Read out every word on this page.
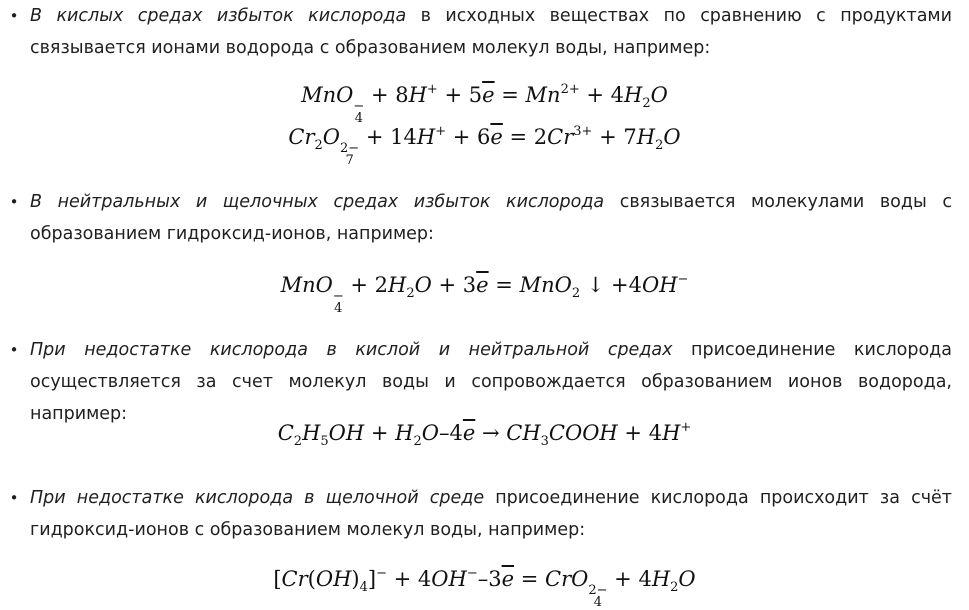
• В кислых средах избыток кислорода в исходных веществах по сравнению с продуктами связывается ионами водорода с образованием молекул воды, например:
MnO −
4
+ $8H^+ + 5\overline{e} = Mn^{2+} + 4H_2O$
$Cr_2O$ 2−
7
+ $14H^+ + 6\overline{e} = 2Cr^{3+} + 7H_2O$
• В нейтральных и щелочных средах избыток кислорода связывается молекулами воды с образованием гидроксид-ионов, например:
MnO −
4
+ $2H_2O + 3\overline{e} = MnO_2$ ↓ +4OH−
• При недостатке кислорода в кислой и нейтральной средах присоединение кислорода осуществляется за счет молекул воды и сопровождается образованием ионов водорода, например:
$C_2H_5OH + H_2O-4\overline{e}$ → $CH_3COOH + 4H^+$
• При недостатке кислорода в щелочной среде присоединение кислорода происходит за счёт гидроксид-ионов с образованием молекул воды, например:
$[Cr(OH)_4]^- + 4OH^--3\overline{e}$ = CrO 2−
4
+ $4H_2O$
